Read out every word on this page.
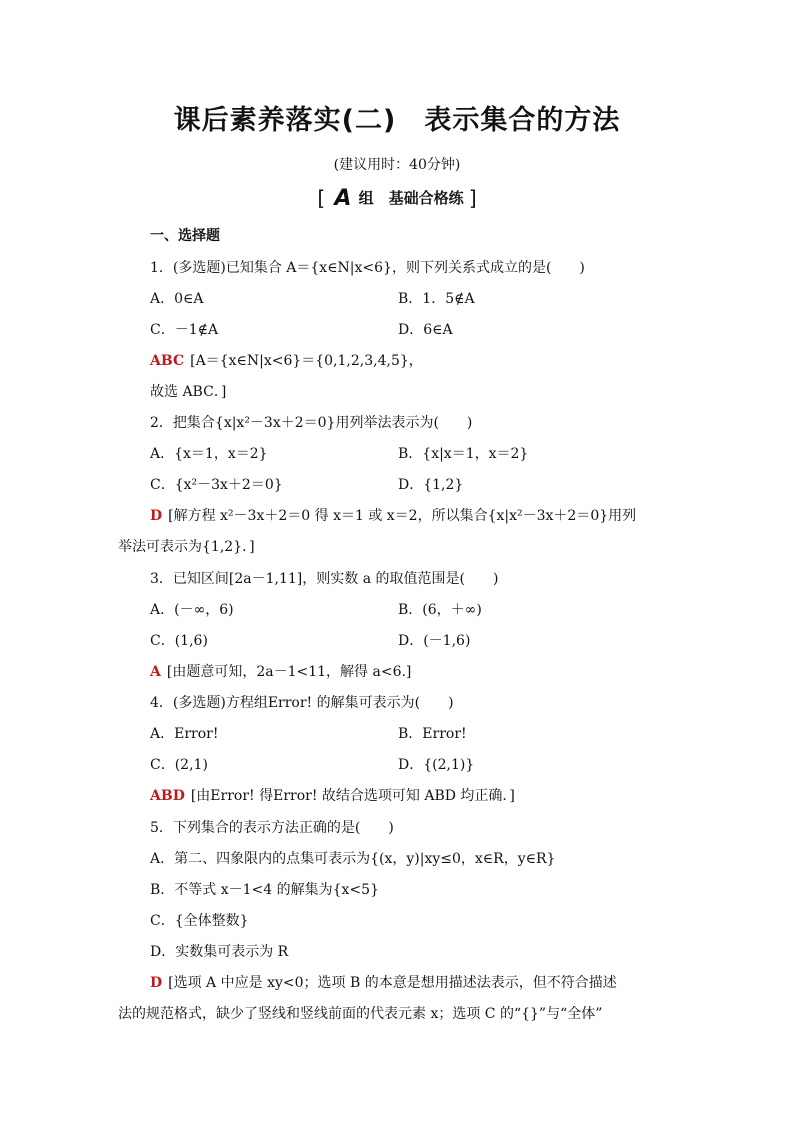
课后素养落实(二)　表示集合的方法

(建议用时：40分钟)

[ A 组　基础合格练 ]
一、选择题
1．(多选题)已知集合 A＝{x∈N|x<6}，则下列关系式成立的是(　　)
A．0∈A	B．1．5∉A
C．－1∉A	D．6∈A
ABC [A＝{x∈N|x<6}＝{0,1,2,3,4,5}，
故选 ABC．]
2．把集合{x|x²－3x＋2＝0}用列举法表示为(　　)
A．{x＝1，x＝2}	B．{x|x＝1，x＝2}
C．{x²－3x＋2＝0}	D．{1,2}
D [解方程 x²－3x＋2＝0 得 x＝1 或 x＝2，所以集合{x|x²－3x＋2＝0}用列
举法可表示为{1,2}．]
3．已知区间[2a－1,11]，则实数 a 的取值范围是(　　)
A．(－∞，6)	B．(6，＋∞)
C．(1,6)	D．(－1,6)
A [由题意可知，2a－1<11，解得 a<6.]
4．(多选题)方程组Error! 的解集可表示为(　　)
A．Error!	B．Error!
C．(2,1)	D．{(2,1)}
ABD [由Error! 得Error! 故结合选项可知 ABD 均正确．]
5．下列集合的表示方法正确的是(　　)
A．第二、四象限内的点集可表示为{(x，y)|xy≤0，x∈R，y∈R}
B．不等式 x－1<4 的解集为{x<5}
C．{全体整数}
D．实数集可表示为 R
D [选项 A 中应是 xy<0；选项 B 的本意是想用描述法表示，但不符合描述
法的规范格式，缺少了竖线和竖线前面的代表元素 x；选项 C 的“{}”与“全体”
